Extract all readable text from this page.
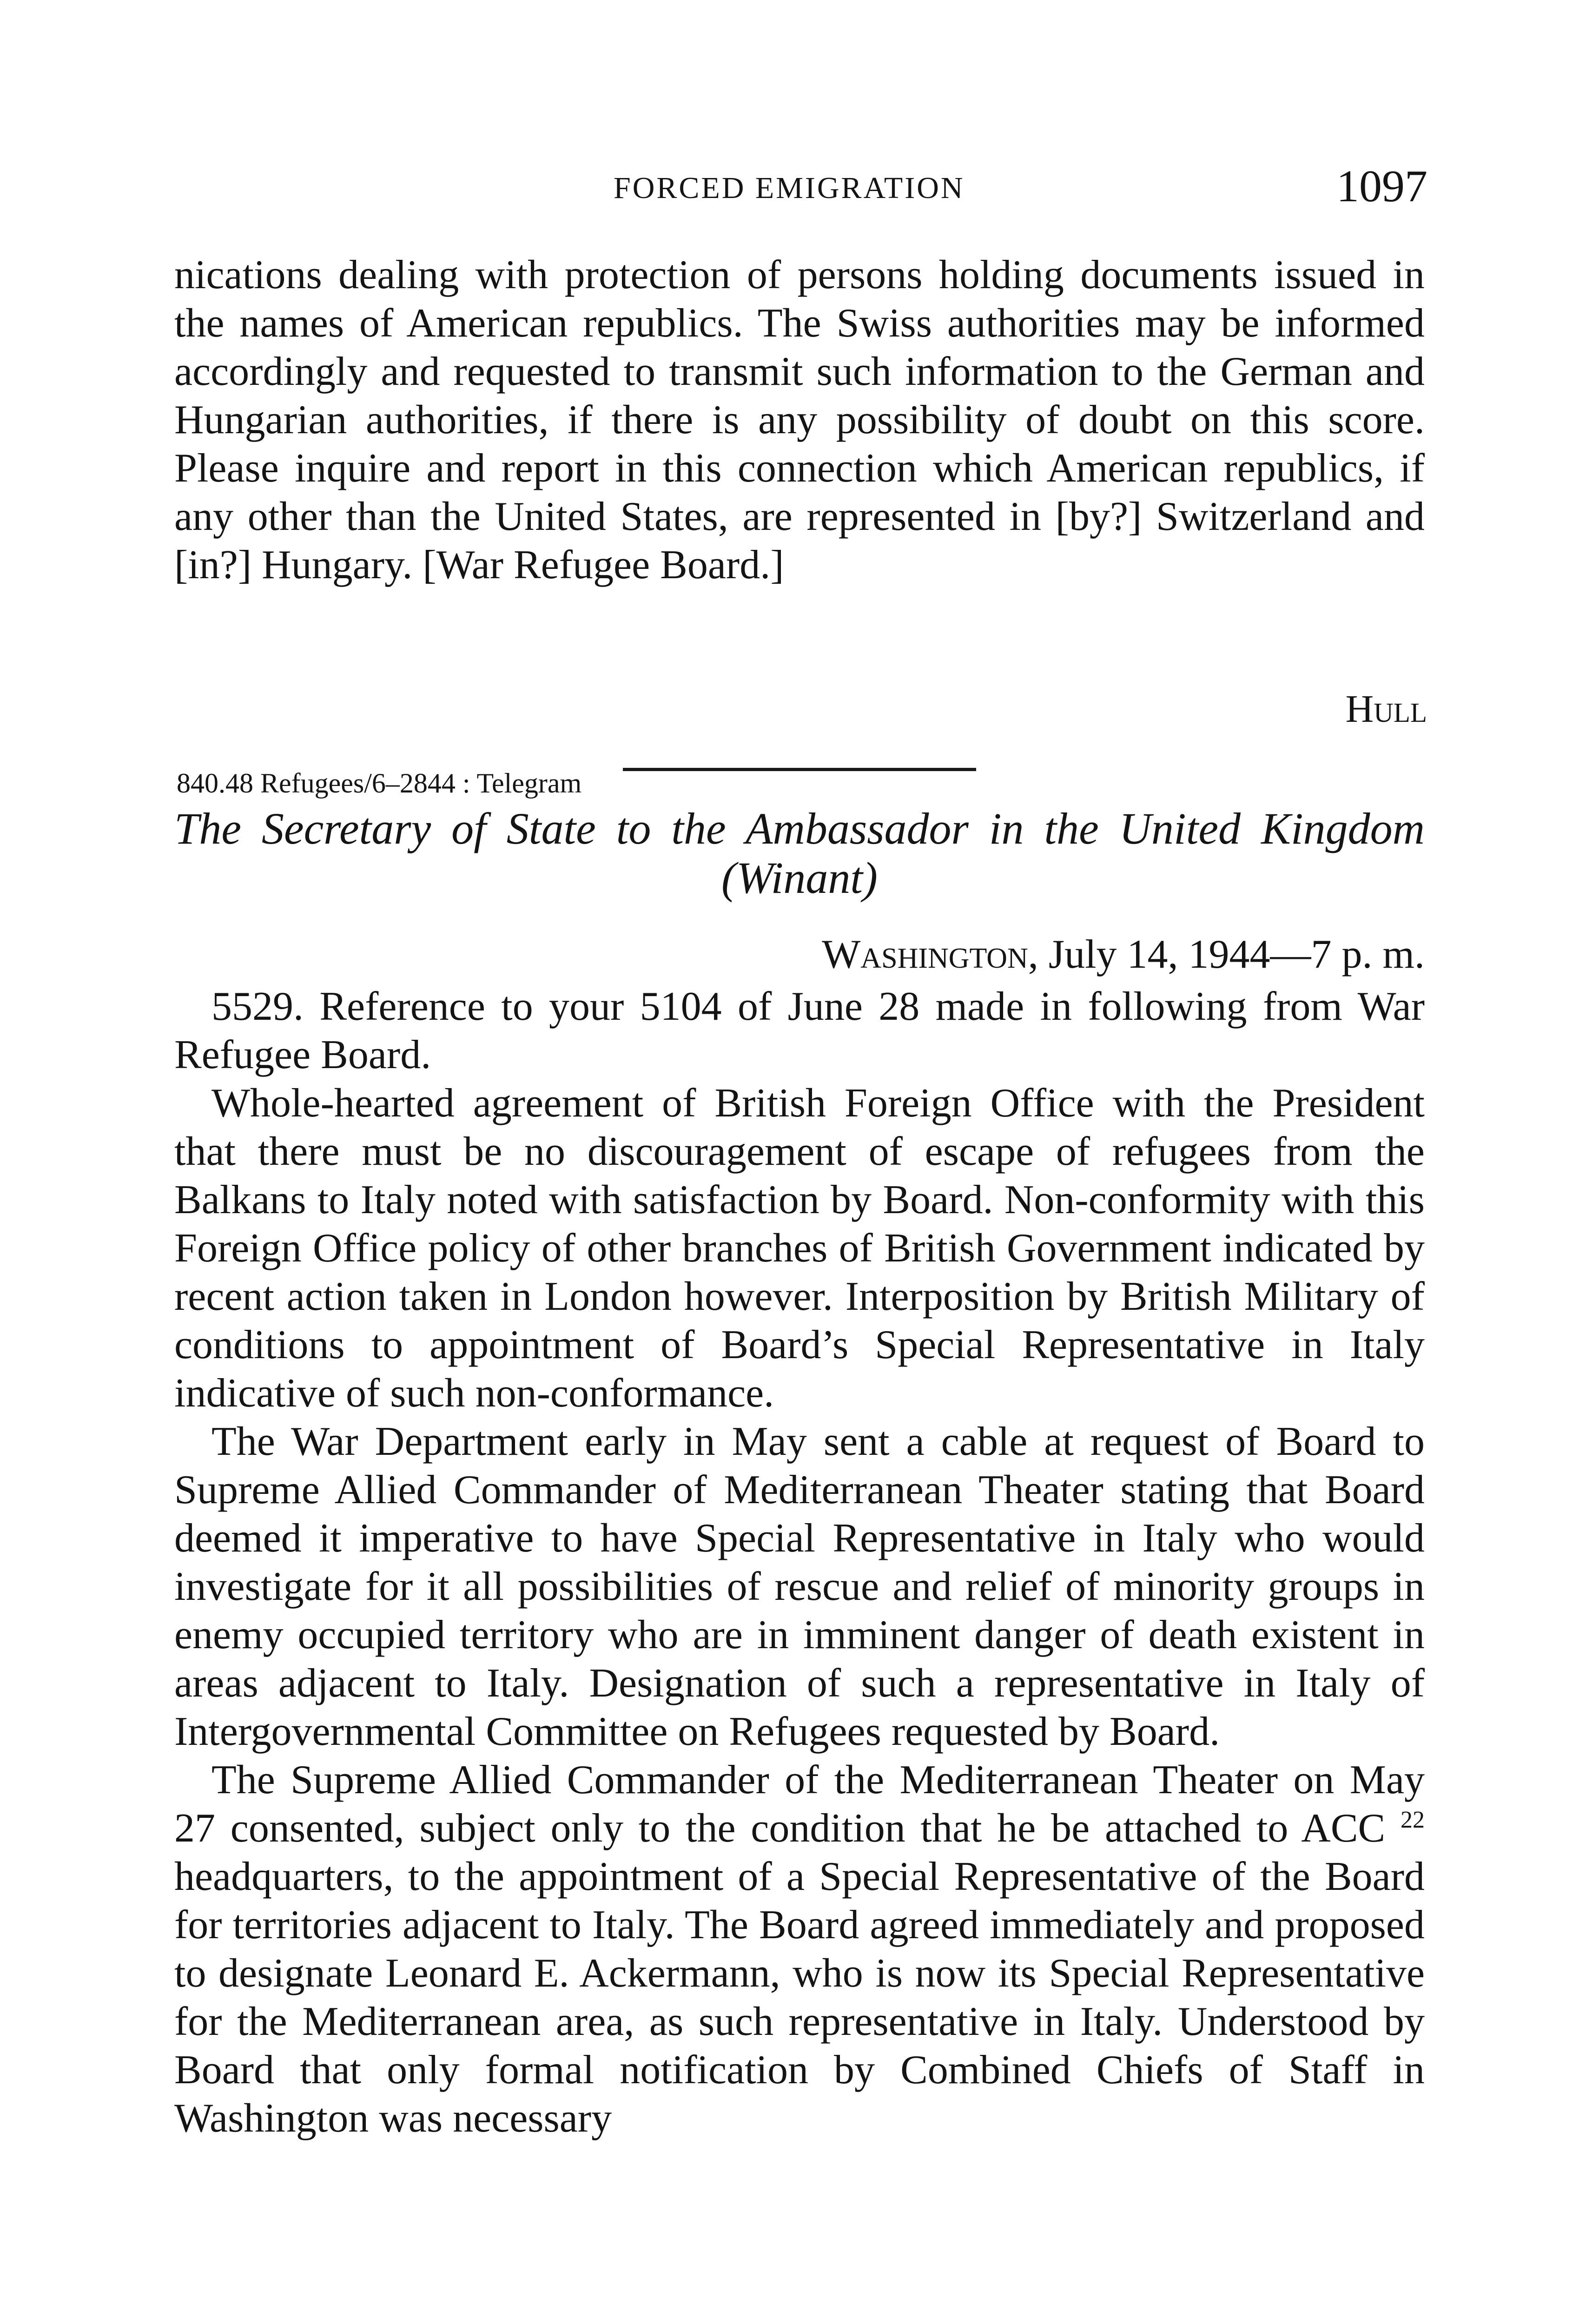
FORCED EMIGRATION	1097

nications dealing with protection of persons holding documents issued in the names of American republics. The Swiss authorities may be informed accordingly and requested to transmit such information to the German and Hungarian authorities, if there is any possibility of doubt on this score. Please inquire and report in this connection which American republics, if any other than the United States, are represented in [by?] Switzerland and [in?] Hungary. [War Refugee Board.]

Hull
840.48 Refugees/6–2844 : Telegram
The Secretary of State to the Ambassador in the United Kingdom
(Winant)
Washington, July 14, 1944—7 p. m.

5529. Reference to your 5104 of June 28 made in following from War Refugee Board.

Whole-hearted agreement of British Foreign Office with the President that there must be no discouragement of escape of refugees from the Balkans to Italy noted with satisfaction by Board. Non-conformity with this Foreign Office policy of other branches of British Government indicated by recent action taken in London however. Interposition by British Military of conditions to appointment of Board’s Special Representative in Italy indicative of such non-conformance.

The War Department early in May sent a cable at request of Board to Supreme Allied Commander of Mediterranean Theater stating that Board deemed it imperative to have Special Representative in Italy who would investigate for it all possibilities of rescue and relief of minority groups in enemy occupied territory who are in imminent danger of death existent in areas adjacent to Italy. Designation of such a representative in Italy of Intergovernmental Committee on Refugees requested by Board.

The Supreme Allied Commander of the Mediterranean Theater on May 27 consented, subject only to the condition that he be attached to ACC $^{22}$ headquarters, to the appointment of a Special Representative of the Board for territories adjacent to Italy. The Board agreed immediately and proposed to designate Leonard E. Ackermann, who is now its Special Representative for the Mediterranean area, as such representative in Italy. Understood by Board that only formal notification by Combined Chiefs of Staff in Washington was necessary
